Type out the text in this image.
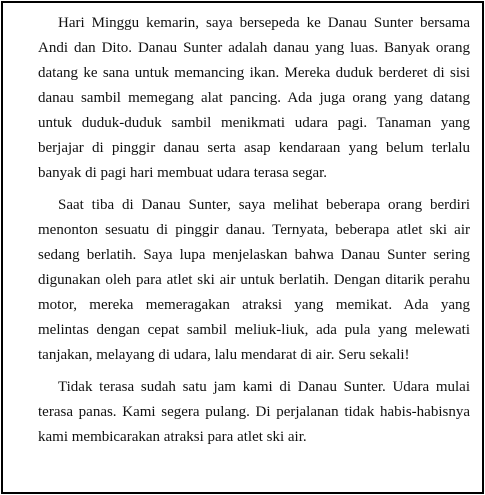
Hari Minggu kemarin, saya bersepeda ke Danau Sunter bersama
Andi dan Dito. Danau Sunter adalah danau yang luas. Banyak orang
datang ke sana untuk memancing ikan. Mereka duduk berderet di sisi
danau sambil memegang alat pancing. Ada juga orang yang datang
untuk duduk-duduk sambil menikmati udara pagi. Tanaman yang
berjajar di pinggir danau serta asap kendaraan yang belum terlalu
banyak di pagi hari membuat udara terasa segar.

Saat tiba di Danau Sunter, saya melihat beberapa orang berdiri
menonton sesuatu di pinggir danau. Ternyata, beberapa atlet ski air
sedang berlatih. Saya lupa menjelaskan bahwa Danau Sunter sering
digunakan oleh para atlet ski air untuk berlatih. Dengan ditarik perahu
motor, mereka memeragakan atraksi yang memikat. Ada yang
melintas dengan cepat sambil meliuk-liuk, ada pula yang melewati
tanjakan, melayang di udara, lalu mendarat di air. Seru sekali!

Tidak terasa sudah satu jam kami di Danau Sunter. Udara mulai
terasa panas. Kami segera pulang. Di perjalanan tidak habis-habisnya
kami membicarakan atraksi para atlet ski air.
